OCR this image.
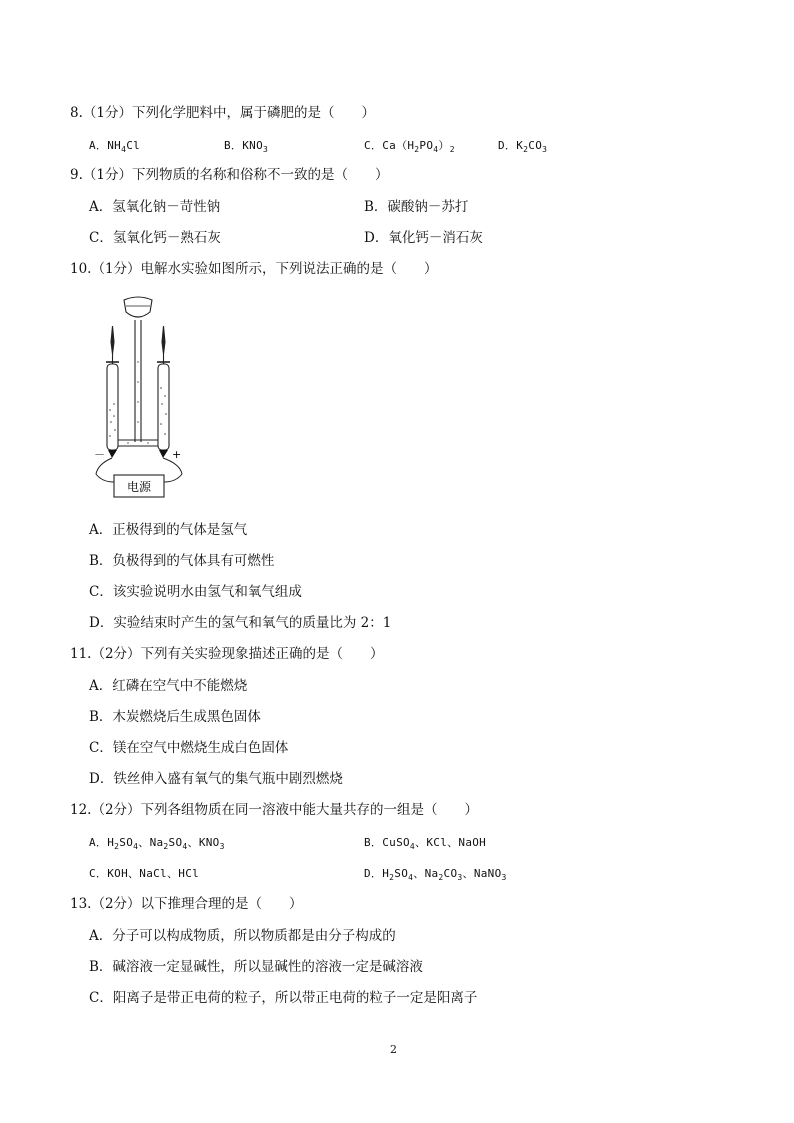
8.（1分）下列化学肥料中，属于磷肥的是（　　）
A．$NH_4Cl$	B．$KNO_3$	C．$Ca(H_2PO_4)_2$	D．$K_2CO_3$
9.（1分）下列物质的名称和俗称不一致的是（　　）
A．氢氧化钠－苛性钠	B．碳酸钠－苏打
C．氢氧化钙－熟石灰	D．氧化钙－消石灰
10.（1分）电解水实验如图所示，下列说法正确的是（　　）
电源
－	+
A．正极得到的气体是氢气
B．负极得到的气体具有可燃性
C．该实验说明水由氢气和氧气组成
D．实验结束时产生的氢气和氧气的质量比为 2：1
11.（2分）下列有关实验现象描述正确的是（　　）
A．红磷在空气中不能燃烧
B．木炭燃烧后生成黑色固体
C．镁在空气中燃烧生成白色固体
D．铁丝伸入盛有氧气的集气瓶中剧烈燃烧
12.（2分）下列各组物质在同一溶液中能大量共存的一组是（　　）
A．$H_2SO_4$、$Na_2SO_4$、$KNO_3$	B．CuSO$_4$、KCl、NaOH
C．KOH、NaCl、HCl	D．$H_2SO_4$、$Na_2CO_3$、NaNO$_3$
13.（2分）以下推理合理的是（　　）
A．分子可以构成物质，所以物质都是由分子构成的
B．碱溶液一定显碱性，所以显碱性的溶液一定是碱溶液
C．阳离子是带正电荷的粒子，所以带正电荷的粒子一定是阳离子
2
